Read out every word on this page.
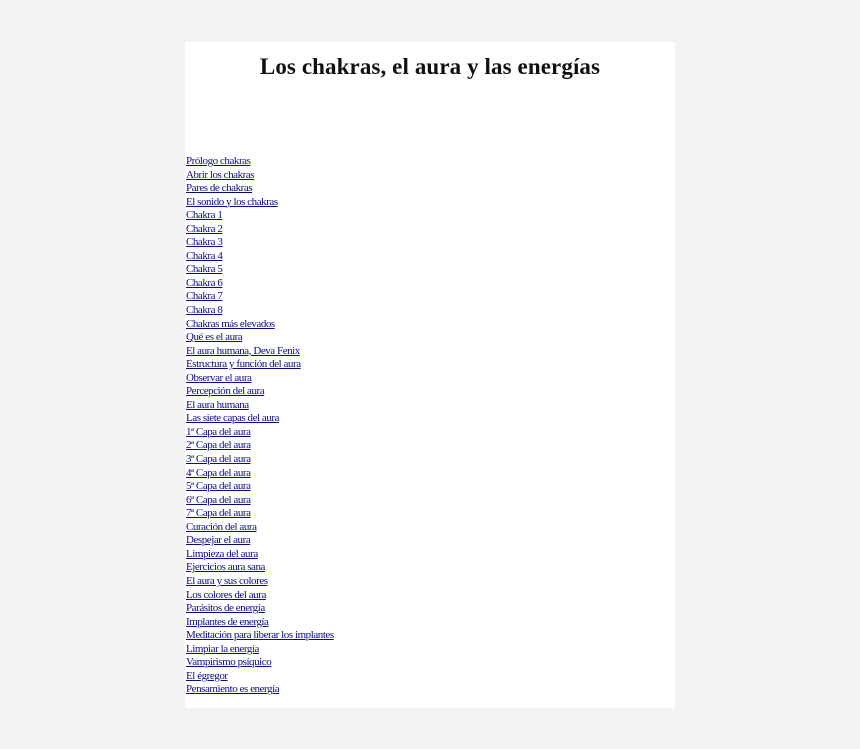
Los chakras, el aura y las energías
Prólogo chakras
Abrir los chakras
Pares de chakras
El sonido y los chakras
Chakra 1
Chakra 2
Chakra 3
Chakra 4
Chakra 5
Chakra 6
Chakra 7
Chakra 8
Chakras más elevados
Qué es el aura
El aura humana, Deva Fenix
Estructura y función del aura
Observar el aura
Percepción del aura
El aura humana
Las siete capas del aura
1ª Capa del aura
2ª Capa del aura
3ª Capa del aura
4ª Capa del aura
5ª Capa del aura
6ª Capa del aura
7ª Capa del aura
Curación del aura
Despejar el aura
Limpieza del aura
Ejercicios aura sana
El aura y sus colores
Los colores del aura
Parásitos de energía
Implantes de energía
Meditación para liberar los implantes
Limpiar la energía
Vampirismo psíquico
El égregor
Pensamiento es energía
